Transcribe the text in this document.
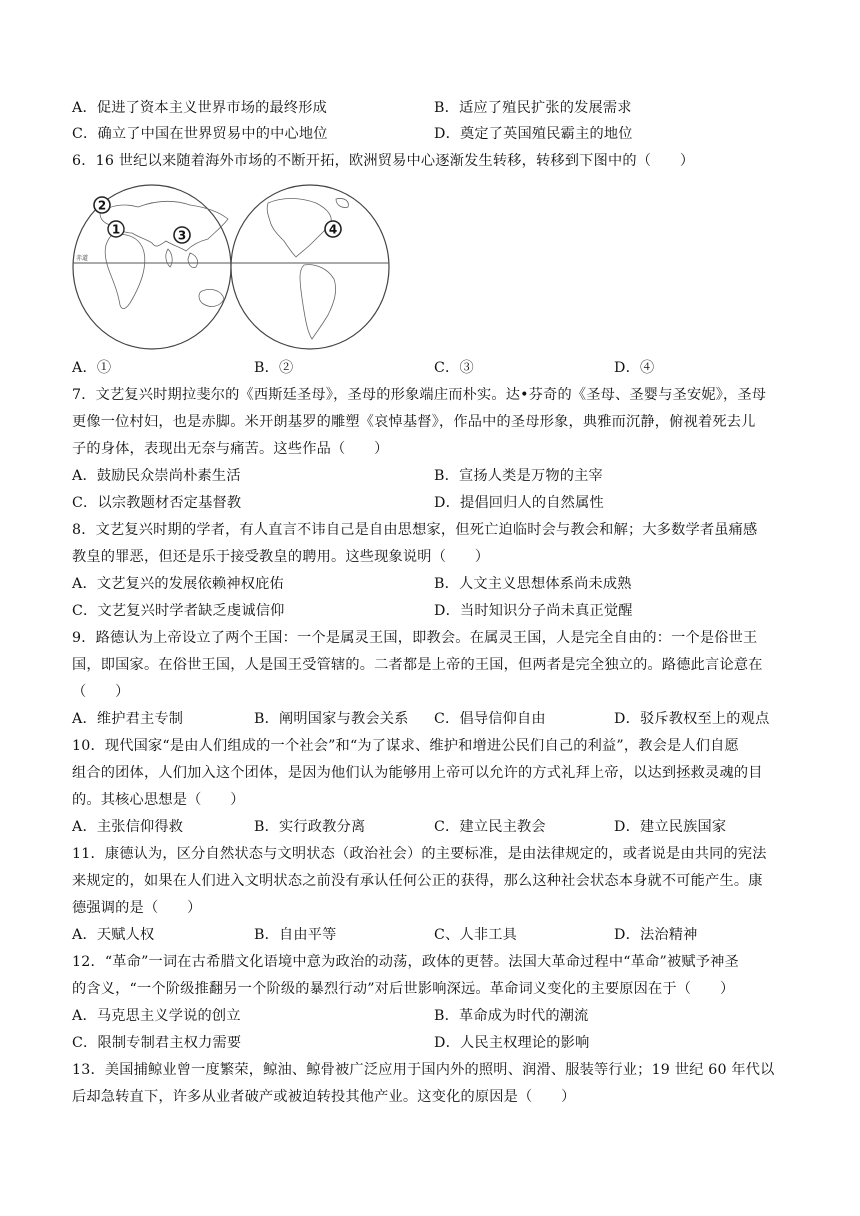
A．促进了资本主义世界市场的最终形成	B．适应了殖民扩张的发展需求
C．确立了中国在世界贸易中的中心地位	D．奠定了英国殖民霸主的地位
6．16 世纪以来随着海外市场的不断开拓，欧洲贸易中心逐渐发生转移，转移到下图中的（　　）
赤道
1
2
3	4
A．①	B．②	C．③	D．④
7．文艺复兴时期拉斐尔的《西斯廷圣母》，圣母的形象端庄而朴实。达•芬奇的《圣母、圣婴与圣安妮》，圣母
更像一位村妇，也是赤脚。米开朗基罗的雕塑《哀悼基督》，作品中的圣母形象，典雅而沉静，俯视着死去儿
子的身体，表现出无奈与痛苦。这些作品（　　）
A．鼓励民众崇尚朴素生活	B．宣扬人类是万物的主宰
C．以宗教题材否定基督教	D．提倡回归人的自然属性
8．文艺复兴时期的学者，有人直言不讳自己是自由思想家，但死亡迫临时会与教会和解；大多数学者虽痛感
教皇的罪恶，但还是乐于接受教皇的聘用。这些现象说明（　　）
A．文艺复兴的发展依赖神权庇佑	B．人文主义思想体系尚未成熟
C．文艺复兴时学者缺乏虔诚信仰	D．当时知识分子尚未真正觉醒
9．路德认为上帝设立了两个王国：一个是属灵王国，即教会。在属灵王国，人是完全自由的：一个是俗世王
国，即国家。在俗世王国，人是国王受管辖的。二者都是上帝的王国，但两者是完全独立的。路德此言论意在
（　　）
A．维护君主专制	B．阐明国家与教会关系 C．倡导信仰自由	D．驳斥教权至上的观点
10．现代国家“是由人们组成的一个社会”和“为了谋求、维护和增进公民们自己的利益”，教会是人们自愿
组合的团体，人们加入这个团体，是因为他们认为能够用上帝可以允许的方式礼拜上帝，以达到拯救灵魂的目
的。其核心思想是（　　）
A．主张信仰得救	B．实行政教分离	C．建立民主教会	D．建立民族国家
11．康德认为，区分自然状态与文明状态（政治社会）的主要标准，是由法律规定的，或者说是由共同的宪法
来规定的，如果在人们进入文明状态之前没有承认任何公正的获得，那么这种社会状态本身就不可能产生。康
德强调的是（　　）
A．天赋人权	B．自由平等	C、人非工具	D．法治精神
12．“革命”一词在古希腊文化语境中意为政治的动荡，政体的更替。法国大革命过程中“革命”被赋予神圣
的含义，“一个阶级推翻另一个阶级的暴烈行动”对后世影响深远。革命词义变化的主要原因在于（　　）
A．马克思主义学说的创立	B．革命成为时代的潮流
C．限制专制君主权力需要	D．人民主权理论的影响
13．美国捕鲸业曾一度繁荣，鲸油、鲸骨被广泛应用于国内外的照明、润滑、服装等行业；19 世纪 60 年代以
后却急转直下，许多从业者破产或被迫转投其他产业。这变化的原因是（　　）
